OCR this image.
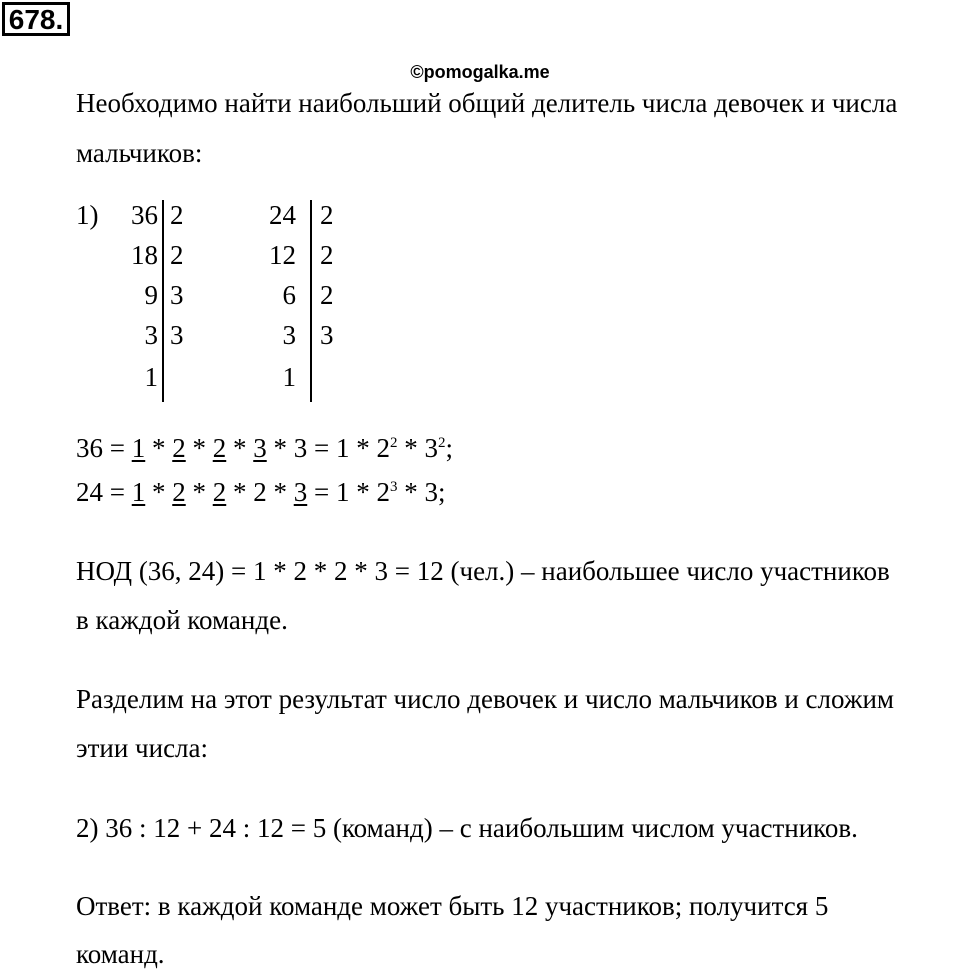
678.
©pomogalka.me
Необходимо найти наибольший общий делитель числа девочек и числа
мальчиков:
1)	36
18
9
3
1
2
2
3
3
24
12
6
3
1
2
2
2
3
$36 = 1 * 2 * 2 * 3 * 3 = 1 * 2^2 * 3^2$;
$24 = 1 * 2 * 2 * 2 * 3 = 1 * 2^3 * 3$;
НОД (36, 24) = 1 * 2 * 2 * 3 = 12 (чел.) – наибольшее число участников
в каждой команде.
Разделим на этот результат число девочек и число мальчиков и сложим
этии числа:
2) 36 : 12 + 24 : 12 = 5 (команд) – с наибольшим числом участников.
Ответ: в каждой команде может быть 12 участников; получится 5
команд.
